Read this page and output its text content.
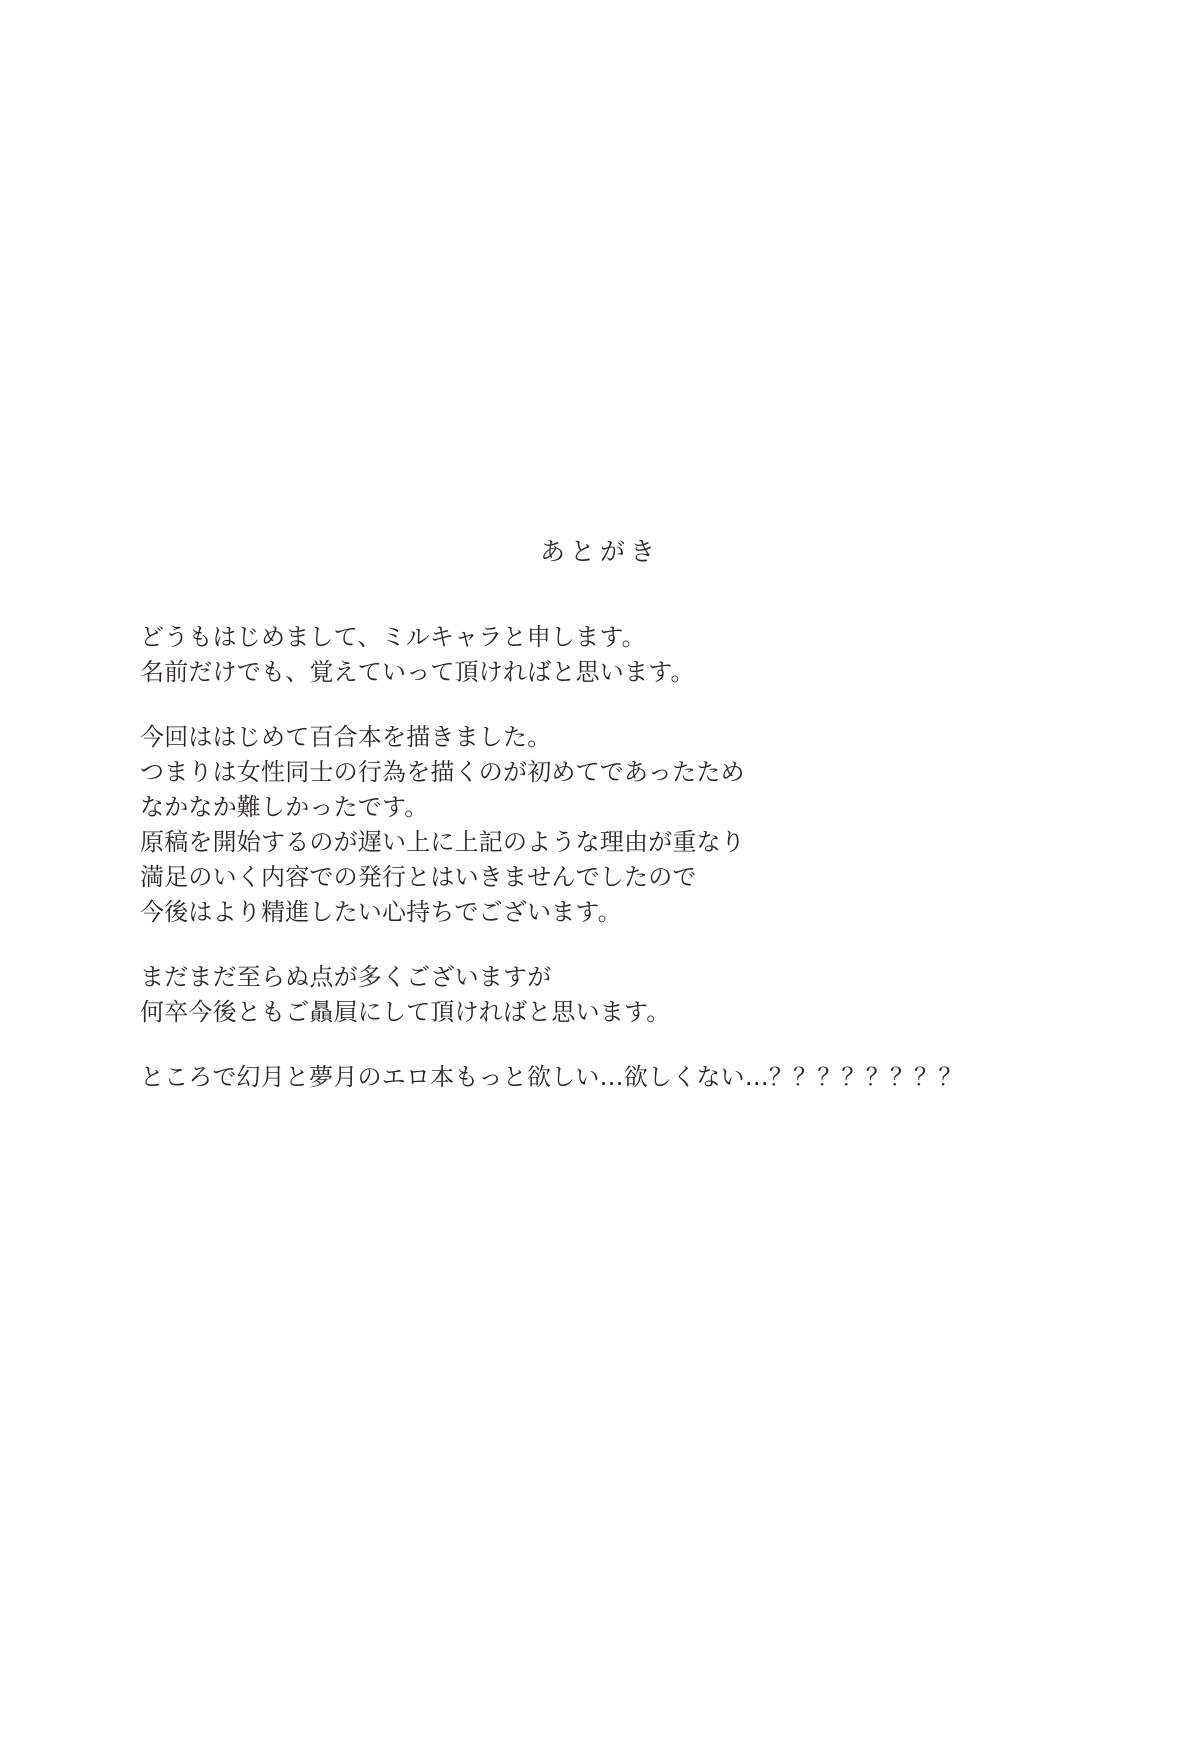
あとがき
どうもはじめまして、ミルキャラと申します。
名前だけでも、覚えていって頂ければと思います。
今回ははじめて百合本を描きました。
つまりは女性同士の行為を描くのが初めてであったため
なかなか難しかったです。
原稿を開始するのが遅い上に上記のような理由が重なり
満足のいく内容での発行とはいきませんでしたので
今後はより精進したい心持ちでございます。
まだまだ至らぬ点が多くございますが
何卒今後ともご贔屓にして頂ければと思います。
ところで幻月と夢月のエロ本もっと欲しい…欲しくない…？？？？？？？？
